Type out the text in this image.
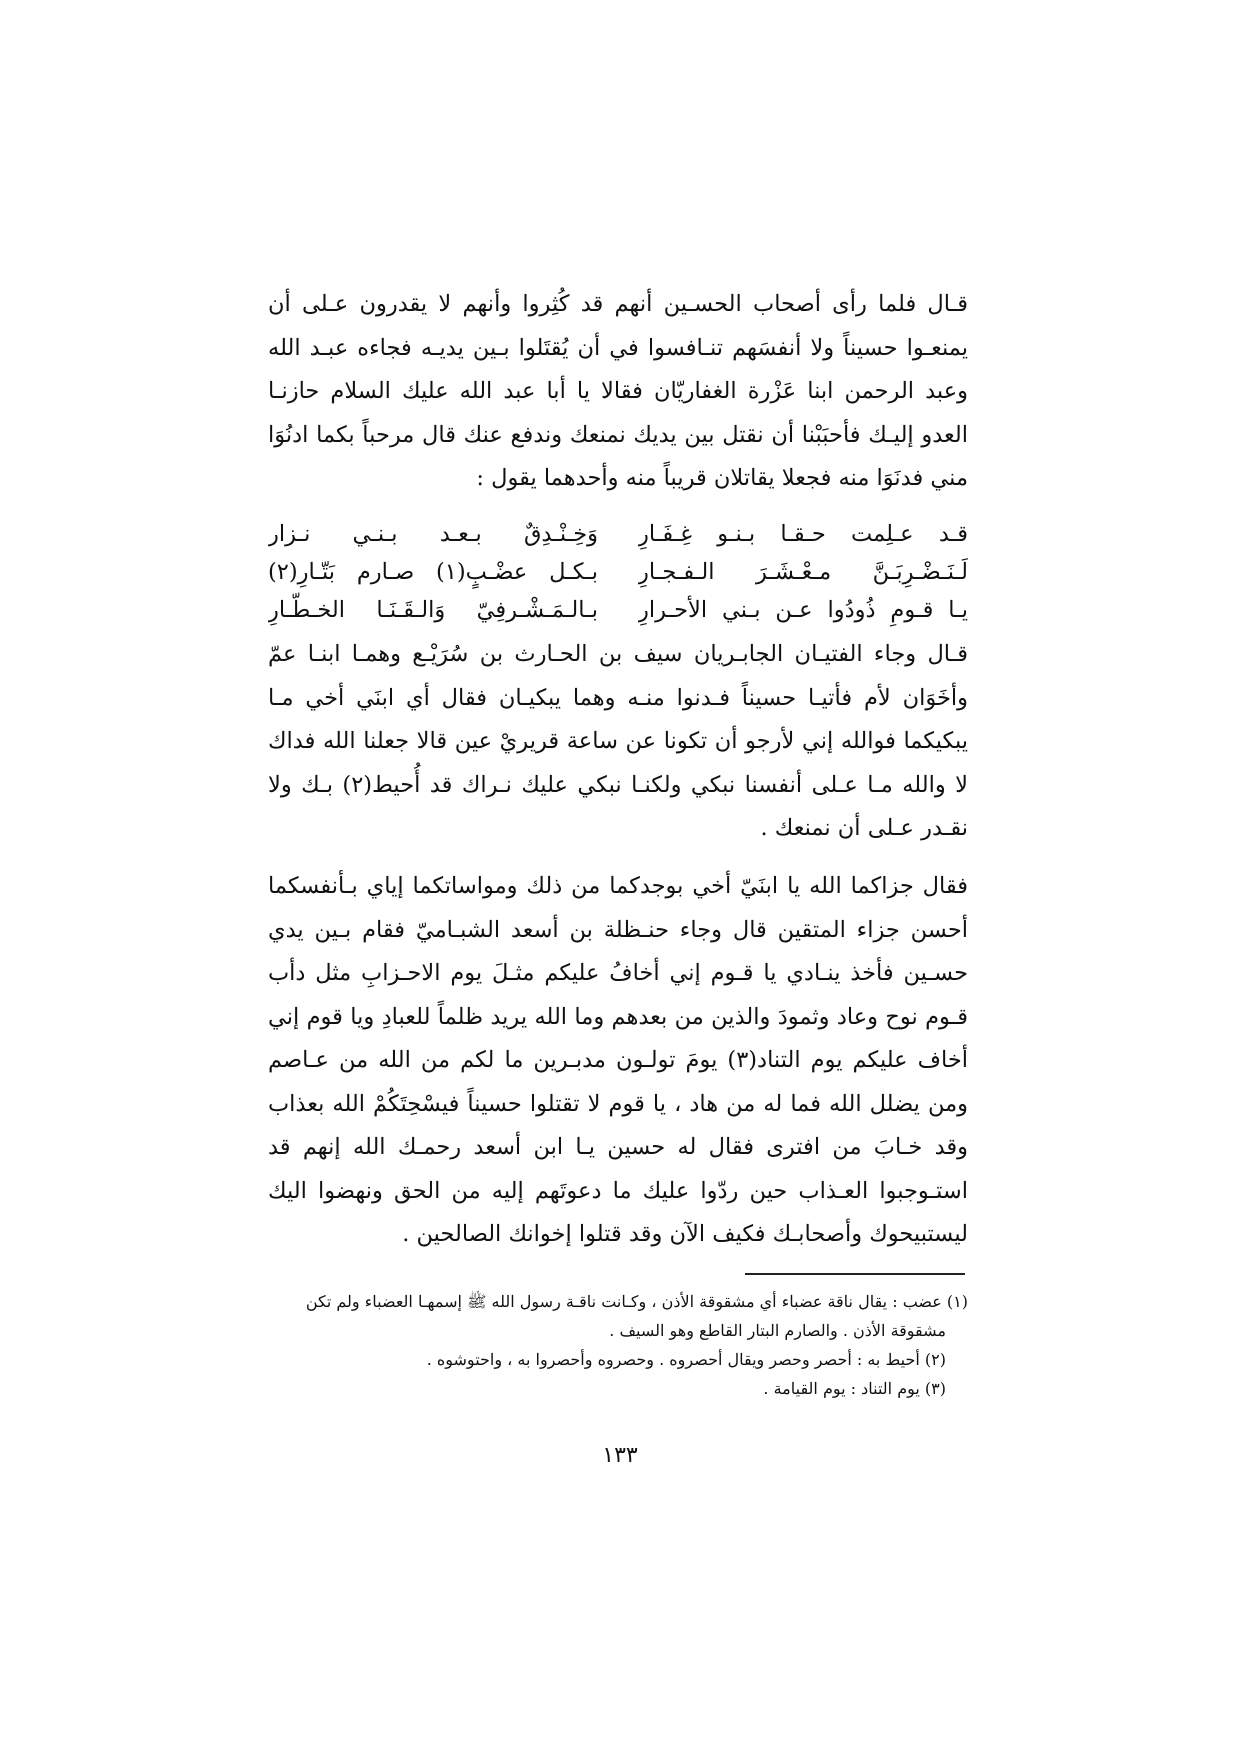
قـال فلما رأى أصحاب الحسـين أنهم قد كُثِروا وأنهم لا يقدرون عـلى أن يمنعـوا حسيناً ولا أنفسَهم تنـافسوا في أن يُقتَلوا بـين يديـه فجاءه عبـد الله وعبد الرحمن ابنا عَزْرة الغفاريّان فقالا يا أبا عبد الله عليك السلام حازنـا العدو إليـك فأحبَبْنا أن نقتل بين يديك نمنعك وندفع عنك قال مرحباً بكما ادنُوَا مني فدنَوَا منه فجعلا يقاتلان قريباً منه وأحدهما يقول :

قـد عـلِمت حـقـا بـنـو غِـفَـارِ
وَخِـنْـدِقٌ بـعـد بـنـي نـزار
لَـنَـضْـرِبَـنَّ مـعْـشَـرَ الـفـجـارِ
بـكـل عضْـبٍ(١) صـارم بَتّـارِ(٢)
يـا قـومِ ذُودُوا عـن بـني الأحـرارِ
بـالـمَـشْـرفِيّ وَالـقَـنَـا الخـطّـارِ

قـال وجاء الفتيـان الجابـريان سيف بن الحـارث بن سُرَيْـع وهمـا ابنـا عمّ وأخَوَان لأم فأتيـا حسيناً فـدنوا منـه وهما يبكيـان فقال أي ابنَي أخي مـا يبكيكما فوالله إني لأرجو أن تكونا عن ساعة قريريْ عين قالا جعلنا الله فداك لا والله مـا عـلى أنفسنا نبكي ولكنـا نبكي عليك نـراك قد أُحيط(٢) بـك ولا نقـدر عـلى أن نمنعك .

فقال جزاكما الله يا ابنَيّ أخي بوجدكما من ذلك ومواساتكما إياي بـأنفسكما أحسن جزاء المتقين قال وجاء حنـظلة بن أسعد الشبـاميّ فقام بـين يدي حسـين فأخذ ينـادي يا قـوم إني أخافُ عليكم مثـلَ يوم الاحـزابِ مثل دأب قـوم نوح وعاد وثمودَ والذين من بعدهم وما الله يريد ظلماً للعبادِ ويا قوم إني أخاف عليكم يوم التناد(٣) يومَ تولـون مدبـرين ما لكم من الله من عـاصم ومن يضلل الله فما له من هاد ، يا قوم لا تقتلوا حسيناً فيسْحِتَكُمْ الله بعذاب وقد خـابَ من افترى فقال له حسين يـا ابن أسعد رحمـك الله إنهم قد استـوجبوا العـذاب حين ردّوا عليك ما دعوتَهم إليه من الحق ونهضوا اليك ليستبيحوك وأصحابـك فكيف الآن وقد قتلوا إخوانك الصالحين .

(١) عضب : يقال ناقة عضباء أي مشقوقة الأذن ، وكـانت ناقـة رسول الله ﷺ إسمهـا العضباء ولم تكن

مشقوقة الأذن . والصارم البتار القاطع وهو السيف .

(٢) أحيط به : أحصر وحصر ويقال أحصروه . وحصروه وأحصروا به ، واحتوشوه .

(٣) يوم التناد : يوم القيامة .

١٣٣
